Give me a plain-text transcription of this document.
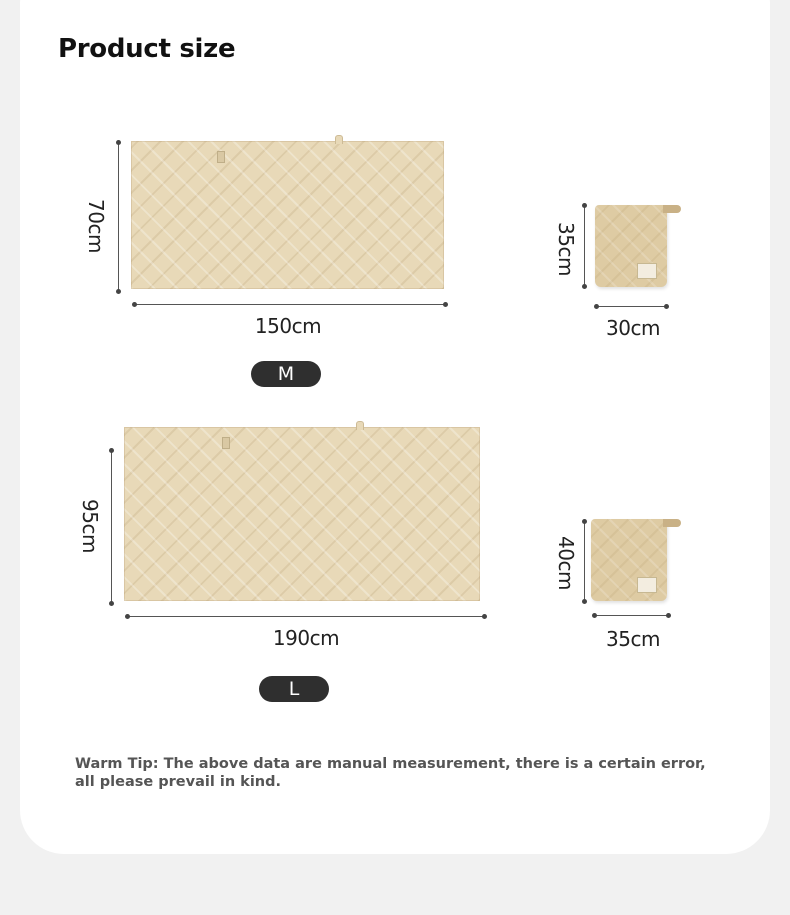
Product size
70cm
150cm
35cm
30cm
M
95cm
190cm
40cm
35cm
L
Warm Tip: The above data are manual measurement, there is a certain error, all please prevail in kind.
